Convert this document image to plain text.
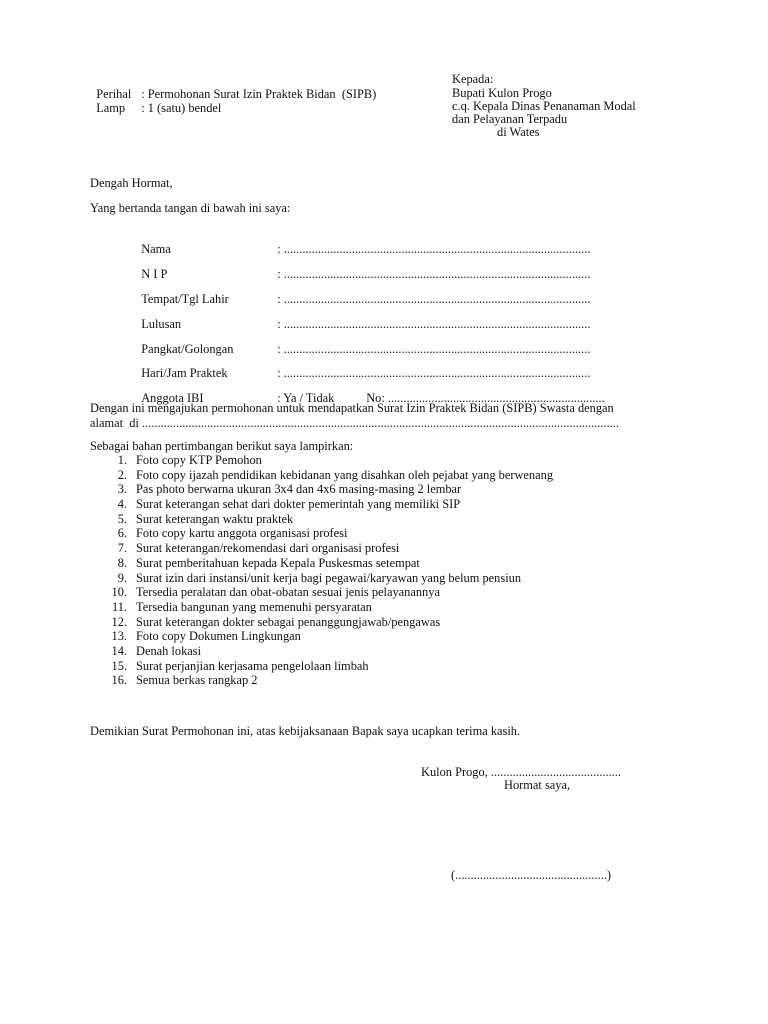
Perihal : Permohonan Surat Izin Praktek Bidan  (SIPB)

Lamp : 1 (satu) bendel

Kepada:
Bupati Kulon Progo
c.q. Kepala Dinas Penanaman Modal
dan Pelayanan Terpadu
di Wates
Dengah Hormat,
Yang bertanda tangan di bawah ini saya:

Nama	: ...................................................................................................

N I P	: ...................................................................................................

Tempat/Tgl Lahir	: ...................................................................................................

Lulusan	: ...................................................................................................

Pangkat/Golongan	: ...................................................................................................

Hari/Jam Praktek	: ...................................................................................................

Anggota IBI	: Ya / Tidak	No: ......................................................................

Dengan ini mengajukan permohonan untuk mendapatkan Surat Izin Praktek Bidan (SIPB) Swasta dengan
alamat  di ..........................................................................................................................................................
Sebagai bahan pertimbangan berikut saya lampirkan:
1. Foto copy KTP Pemohon
2. Foto copy ijazah pendidikan kebidanan yang disahkan oleh pejabat yang berwenang
3. Pas photo berwarna ukuran 3x4 dan 4x6 masing-masing 2 lembar
4. Surat keterangan sehat dari dokter pemerintah yang memiliki SIP
5. Surat keterangan waktu praktek
6. Foto copy kartu anggota organisasi profesi
7. Surat keterangan/rekomendasi dari organisasi profesi
8. Surat pemberitahuan kepada Kepala Puskesmas setempat
9. Surat izin dari instansi/unit kerja bagi pegawai/karyawan yang belum pensiun
10. Tersedia peralatan dan obat-obatan sesuai jenis pelayanannya
11. Tersedia bangunan yang memenuhi persyaratan
12. Surat keterangan dokter sebagai penanggungjawab/pengawas
13. Foto copy Dokumen Lingkungan
14. Denah lokasi
15. Surat perjanjian kerjasama pengelolaan limbah
16. Semua berkas rangkap 2
Demikian Surat Permohonan ini, atas kebijaksanaan Bapak saya ucapkan terima kasih.
Kulon Progo, ..........................................
Hormat saya,
(.................................................)
